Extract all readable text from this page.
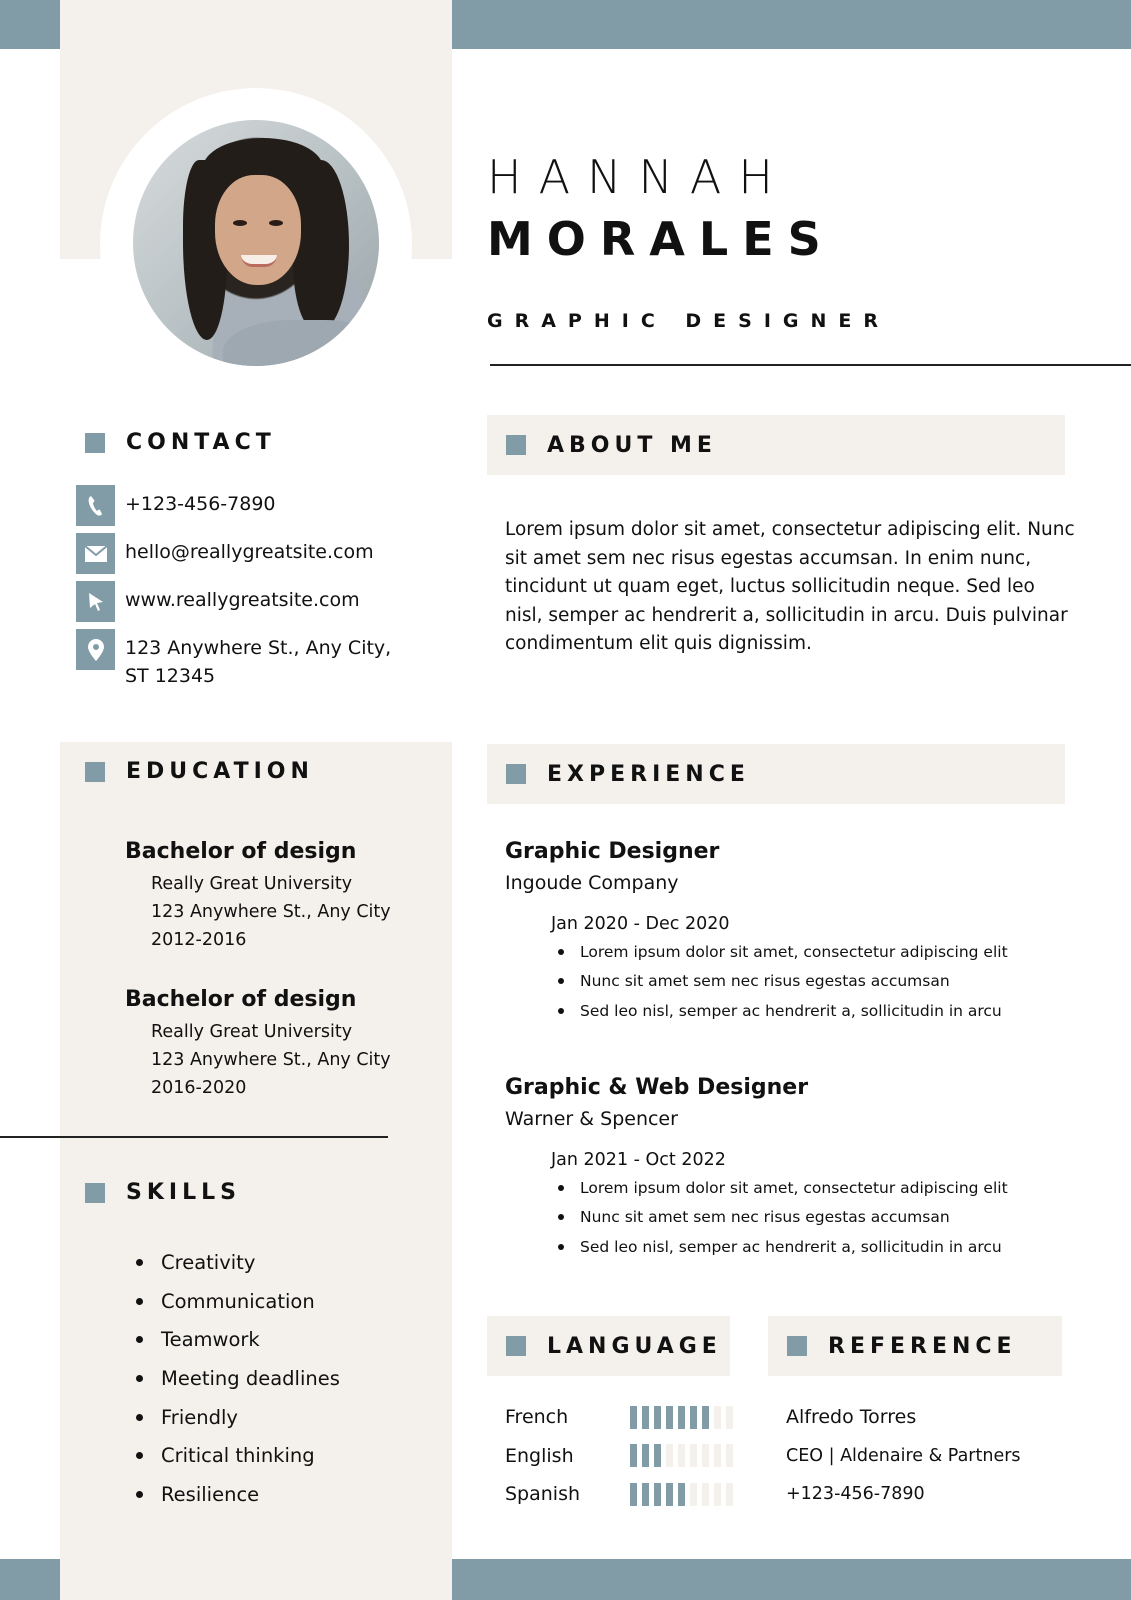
HANNAH
MORALES
GRAPHIC DESIGNER
CONTACT
+123-456-7890
hello@reallygreatsite.com
www.reallygreatsite.com
123 Anywhere St., Any City, ST 12345
ABOUT ME
Lorem ipsum dolor sit amet, consectetur adipiscing elit. Nunc sit amet sem nec risus egestas accumsan. In enim nunc, tincidunt ut quam eget, luctus sollicitudin neque. Sed leo nisl, semper ac hendrerit a, sollicitudin in arcu. Duis pulvinar condimentum elit quis dignissim.
EDUCATION
Bachelor of design
Really Great University
123 Anywhere St., Any City
2012-2016
Bachelor of design
Really Great University
123 Anywhere St., Any City
2016-2020
SKILLS
Creativity
Communication
Teamwork
Meeting deadlines
Friendly
Critical thinking
Resilience
EXPERIENCE
Graphic Designer
Ingoude Company
Jan 2020 - Dec 2020
Lorem ipsum dolor sit amet, consectetur adipiscing elit
Nunc sit amet sem nec risus egestas accumsan
Sed leo nisl, semper ac hendrerit a, sollicitudin in arcu
Graphic & Web Designer
Warner & Spencer
Jan 2021 - Oct 2022
Lorem ipsum dolor sit amet, consectetur adipiscing elit
Nunc sit amet sem nec risus egestas accumsan
Sed leo nisl, semper ac hendrerit a, sollicitudin in arcu
LANGUAGE
French
English
Spanish
REFERENCE
Alfredo Torres
CEO | Aldenaire & Partners
+123-456-7890
